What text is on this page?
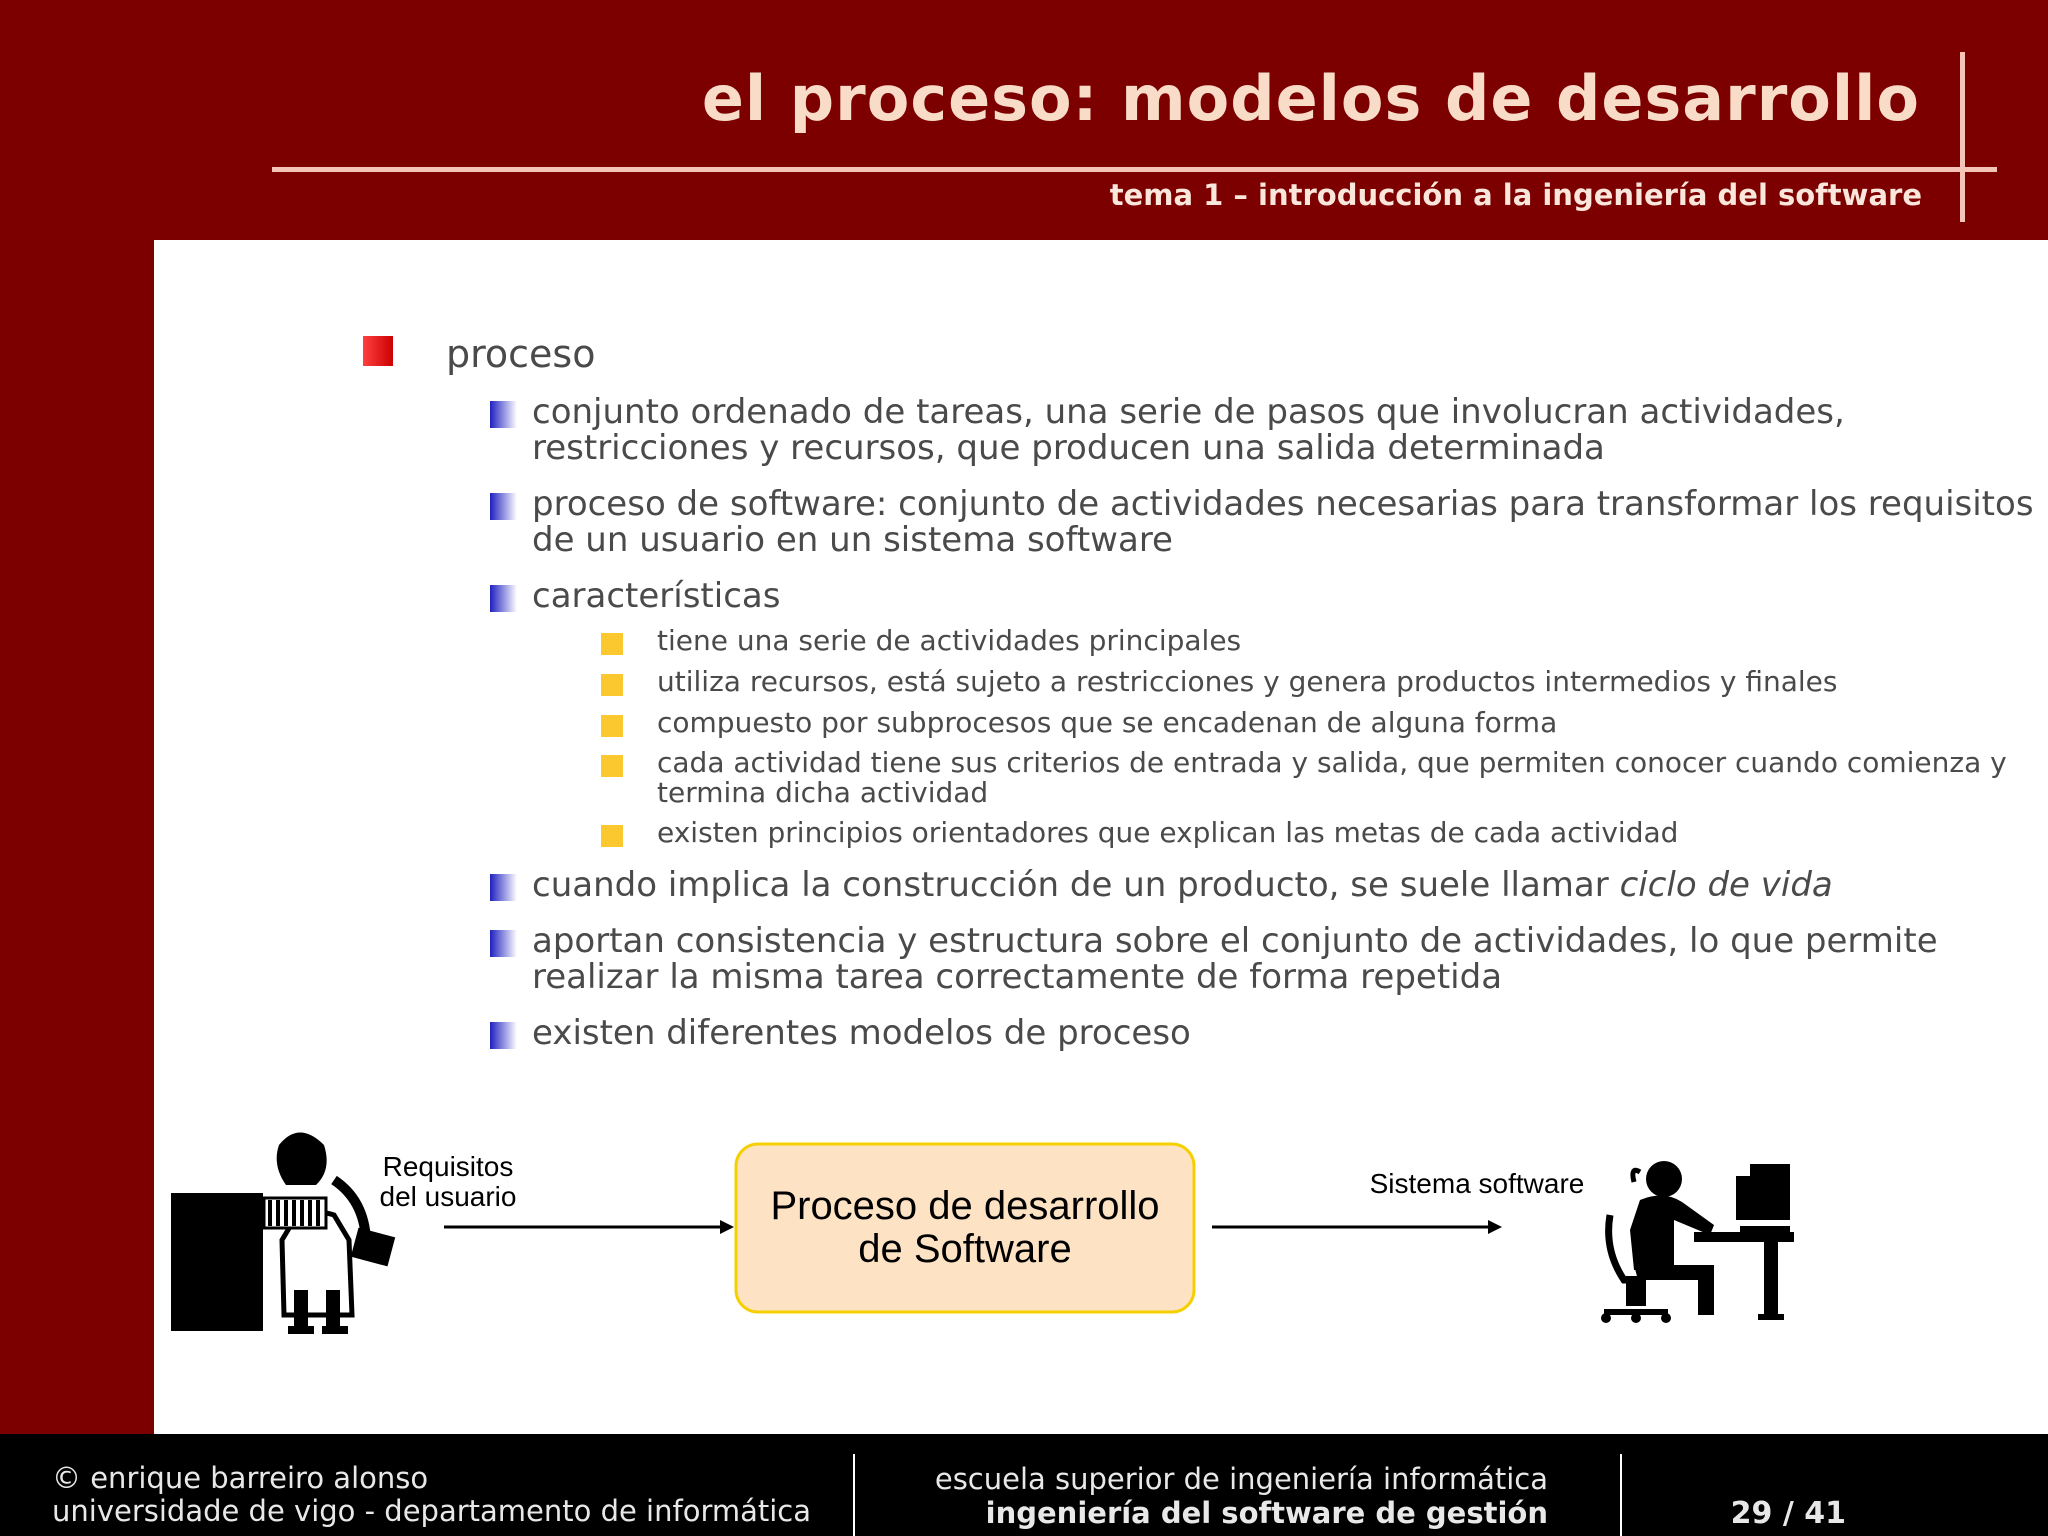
el proceso: modelos de desarrollo
tema 1 – introducción a la ingeniería del software
proceso
conjunto ordenado de tareas, una serie de pasos que involucran actividades, restricciones y recursos, que producen una salida determinada
proceso de software: conjunto de actividades necesarias para transformar los requisitos de un usuario en un sistema software
características
tiene una serie de actividades principales
utiliza recursos, está sujeto a restricciones y genera productos intermedios y finales
compuesto por subprocesos que se encadenan de alguna forma
cada actividad tiene sus criterios de entrada y salida, que permiten conocer cuando comienza y termina dicha actividad
existen principios orientadores que explican las metas de cada actividad
cuando implica la construcción de un producto, se suele llamar ciclo de vida
aportan consistencia y estructura sobre el conjunto de actividades, lo que permite realizar la misma tarea correctamente de forma repetida
existen diferentes modelos de proceso
Requisitos
del usuario	Proceso de desarrollo
de Software
Sistema software
© enrique barreiro alonso
universidade de vigo - departamento de informática
escuela superior de ingeniería informática
ingeniería del software de gestión	29 / 41
